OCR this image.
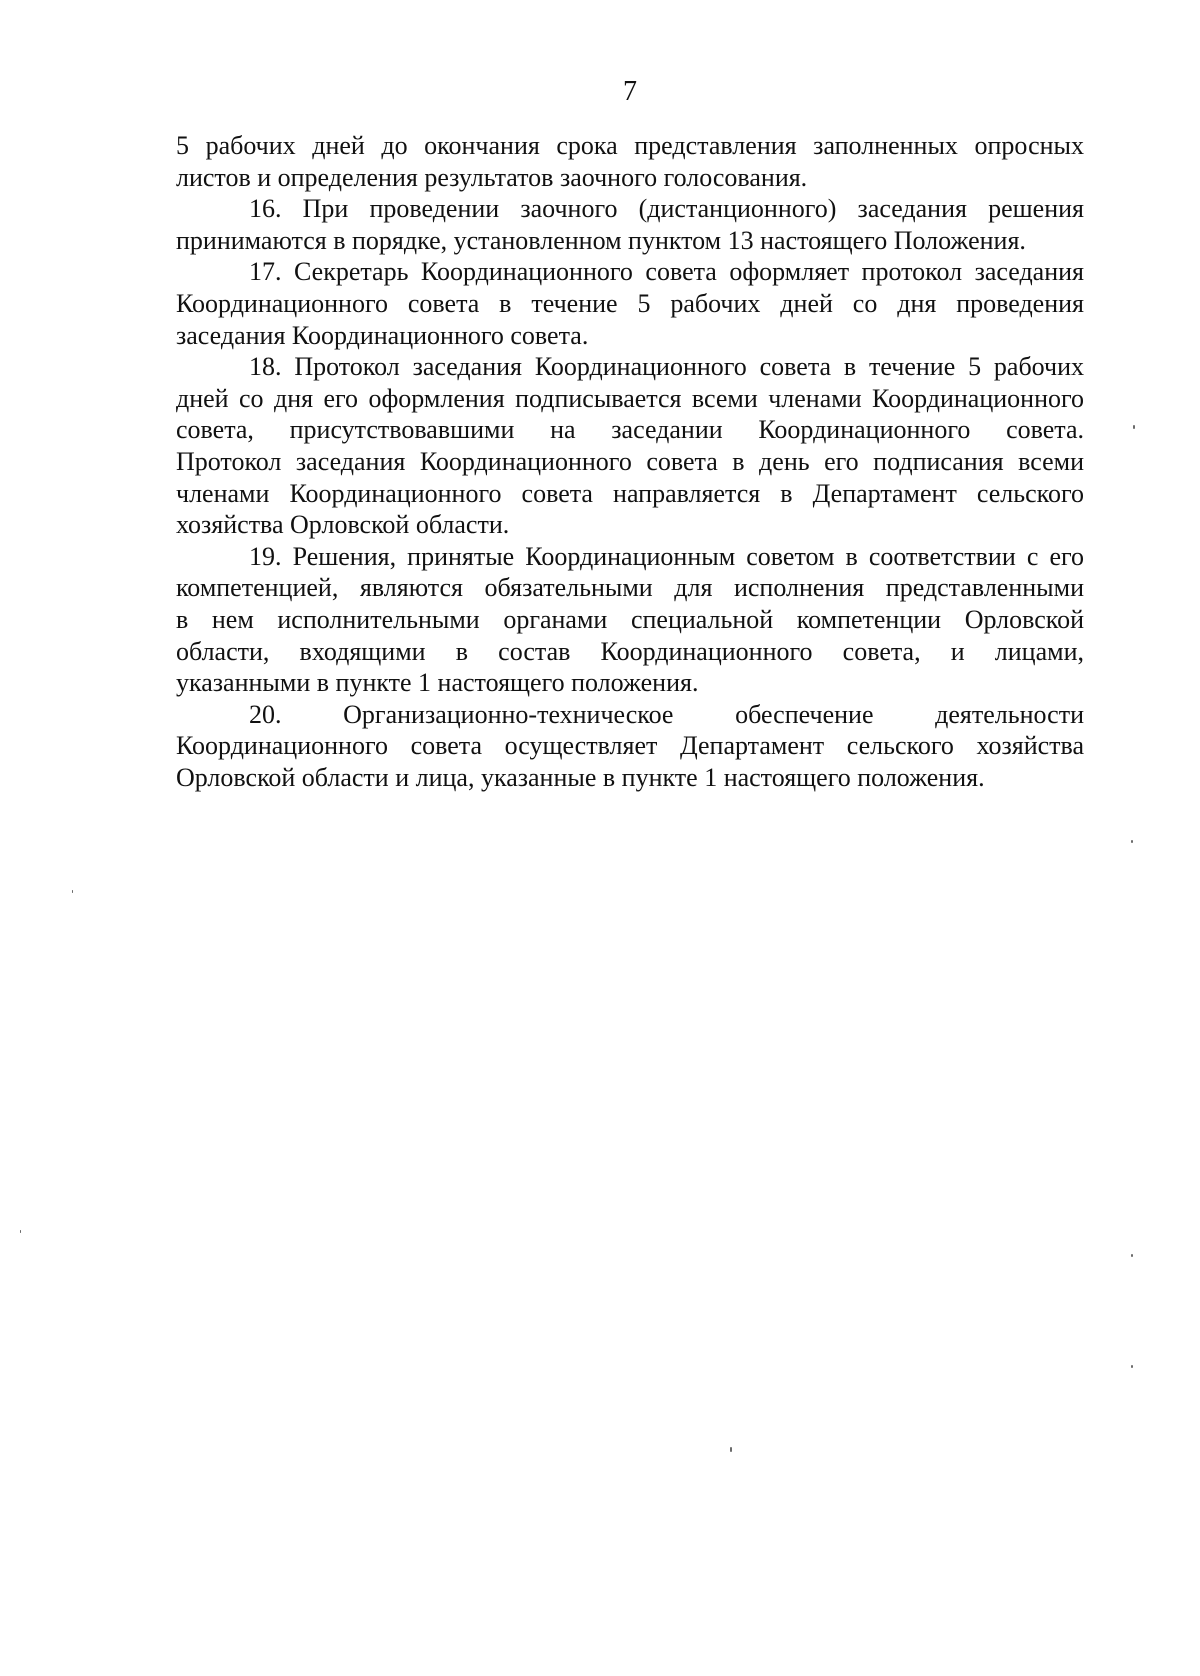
7
5 рабочих дней до окончания срока представления заполненных опросных
листов и определения результатов заочного голосования.
16. При проведении заочного (дистанционного) заседания решения
принимаются в порядке, установленном пунктом 13 настоящего Положения.
17. Секретарь Координационного совета оформляет протокол заседания
Координационного совета в течение 5 рабочих дней со дня проведения
заседания Координационного совета.
18. Протокол заседания Координационного совета в течение 5 рабочих
дней со дня его оформления подписывается всеми членами Координационного
совета, присутствовавшими на заседании Координационного совета.
Протокол заседания Координационного совета в день его подписания всеми
членами Координационного совета направляется в Департамент сельского
хозяйства Орловской области.
19. Решения, принятые Координационным советом в соответствии с его
компетенцией, являются обязательными для исполнения представленными
в нем исполнительными органами специальной компетенции Орловской
области, входящими в состав Координационного совета, и лицами,
указанными в пункте 1 настоящего положения.
20. Организационно-техническое обеспечение деятельности
Координационного совета осуществляет Департамент сельского хозяйства
Орловской области и лица, указанные в пункте 1 настоящего положения.
